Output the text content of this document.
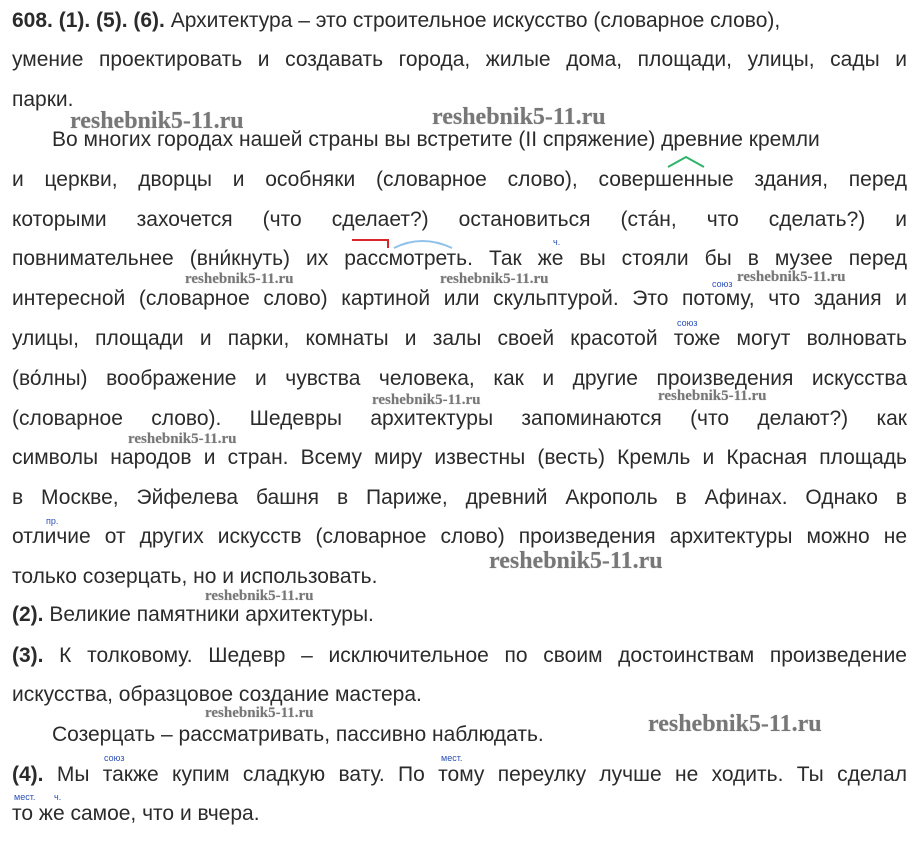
608. (1). (5). (6). Архитектура – это строительное искусство (словарное слово),
умение проектировать и создавать города, жилые дома, площади, улицы, сады и
парки.
Во многих городах нашей страны вы встретите (II спряжение) древние кремли
и церкви, дворцы и особняки (словарное слово), совершенные здания, перед
которыми захочется (что сделает?) остановиться (стáн, что сделать?) и
повнимательнее (вни́кнуть) их рассмотреть. Так же вы стояли бы в музее перед
интересной (словарное слово) картиной или скульптурой. Это потому, что здания и
улицы, площади и парки, комнаты и залы своей красотой тоже могут волновать
(во́лны) воображение и чувства человека, как и другие произведения искусства
(словарное слово). Шедевры архитектуры запоминаются (что делают?) как
символы народов и стран. Всему миру известны (весть) Кремль и Красная площадь
в Москве, Эйфелева башня в Париже, древний Акрополь в Афинах. Однако в
отличие от других искусств (словарное слово) произведения архитектуры можно не
только созерцать, но и использовать.
(2). Великие памятники архитектуры.
(3). К толковому. Шедевр – исключительное по своим достоинствам произведение
искусства, образцовое создание мастера.
Созерцать – рассматривать, пассивно наблюдать.
(4). Мы также купим сладкую вату. По тому переулку лучше не ходить. Ты сделал
то же самое, что и вчера.
ч.
союз
союз
пр.
союз	мест.
мест. ч.
reshebnik5-11.ru	reshebnik5-11.ru
reshebnik5-11.ru	reshebnik5-11.ru	reshebnik5-11.ru
reshebnik5-11.ru	reshebnik5-11.ru
reshebnik5-11.ru
reshebnik5-11.ru
reshebnik5-11.ru
reshebnik5-11.ru	reshebnik5-11.ru
